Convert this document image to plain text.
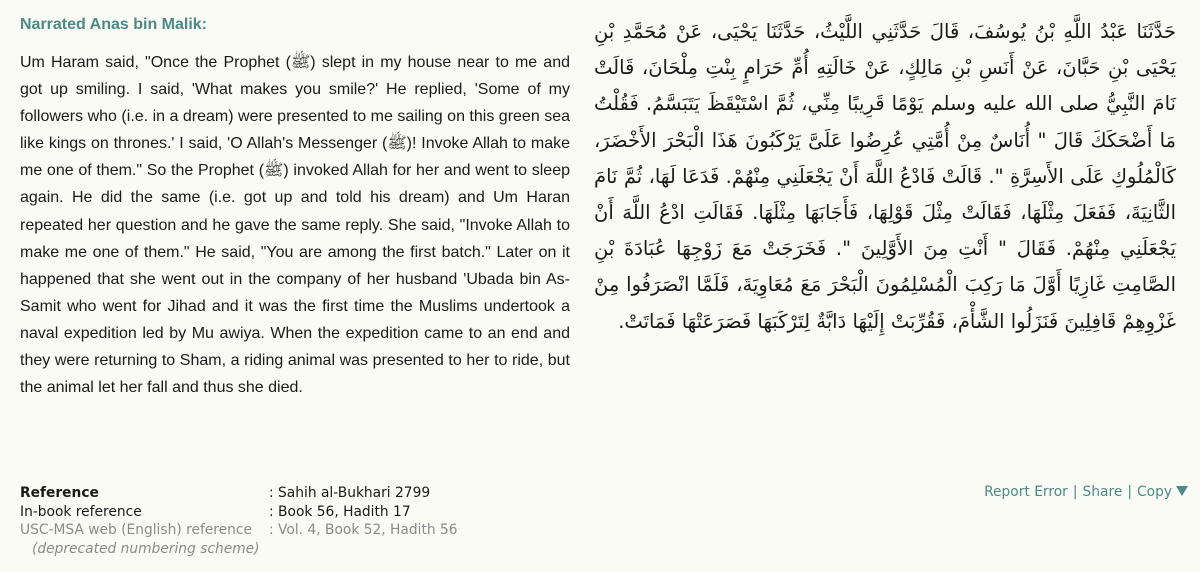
Narrated Anas bin Malik:

Um Haram said, "Once the Prophet (ﷺ) slept in my house near to me and got up smiling. I said, 'What makes you smile?' He replied, 'Some of my followers who (i.e. in a dream) were presented to me sailing on this green sea like kings on thrones.' I said, 'O Allah's Messenger (ﷺ)! Invoke Allah to make me one of them." So the Prophet (ﷺ) invoked Allah for her and went to sleep again. He did the same (i.e. got up and told his dream) and Um Haran repeated her question and he gave the same reply. She said, "Invoke Allah to make me one of them." He said, "You are among the first batch." Later on it happened that she went out in the company of her husband 'Ubada bin As-Samit who went for Jihad and it was the first time the Muslims undertook a naval expedition led by Mu awiya. When the expedition came to an end and they were returning to Sham, a riding animal was presented to her to ride, but the animal let her fall and thus she died.

حَدَّثَنَا عَبْدُ اللَّهِ بْنُ يُوسُفَ، قَالَ حَدَّثَنِي اللَّيْثُ، حَدَّثَنَا يَحْيَى، عَنْ مُحَمَّدِ بْنِ يَحْيَى بْنِ حَبَّانَ، عَنْ أَنَسِ بْنِ مَالِكٍ، عَنْ خَالَتِهِ أُمِّ حَرَامٍ بِنْتِ مِلْحَانَ، قَالَتْ نَامَ النَّبِيُّ صلى الله عليه وسلم يَوْمًا قَرِيبًا مِنِّي، ثُمَّ اسْتَيْقَظَ يَتَبَسَّمُ‏.‏ فَقُلْتُ مَا أَضْحَكَكَ قَالَ ‏"‏ أُنَاسٌ مِنْ أُمَّتِي عُرِضُوا عَلَىَّ يَرْكَبُونَ هَذَا الْبَحْرَ الأَخْضَرَ، كَالْمُلُوكِ عَلَى الأَسِرَّةِ ‏"‏‏.‏ قَالَتْ فَادْعُ اللَّهَ أَنْ يَجْعَلَنِي مِنْهُمْ‏.‏ فَدَعَا لَهَا، ثُمَّ نَامَ الثَّانِيَةَ، فَفَعَلَ مِثْلَهَا، فَقَالَتْ مِثْلَ قَوْلِهَا، فَأَجَابَهَا مِثْلَهَا‏.‏ فَقَالَتِ ادْعُ اللَّهَ أَنْ يَجْعَلَنِي مِنْهُمْ‏.‏ فَقَالَ ‏"‏ أَنْتِ مِنَ الأَوَّلِينَ ‏"‏‏.‏ فَخَرَجَتْ مَعَ زَوْجِهَا عُبَادَةَ بْنِ الصَّامِتِ غَازِيًا أَوَّلَ مَا رَكِبَ الْمُسْلِمُونَ الْبَحْرَ مَعَ مُعَاوِيَةَ، فَلَمَّا انْصَرَفُوا مِنْ غَزْوِهِمْ قَافِلِينَ فَنَزَلُوا الشَّأْمَ، فَقُرِّبَتْ إِلَيْهَا دَابَّةٌ لِتَرْكَبَهَا فَصَرَعَتْهَا فَمَاتَتْ‏.‏

Reference	: Sahih al-Bukhari 2799
In-book reference	: Book 56, Hadith 17
USC-MSA web (English) reference	: Vol. 4, Book 52, Hadith 56
(deprecated numbering scheme)
Report Error | Share | Copy
